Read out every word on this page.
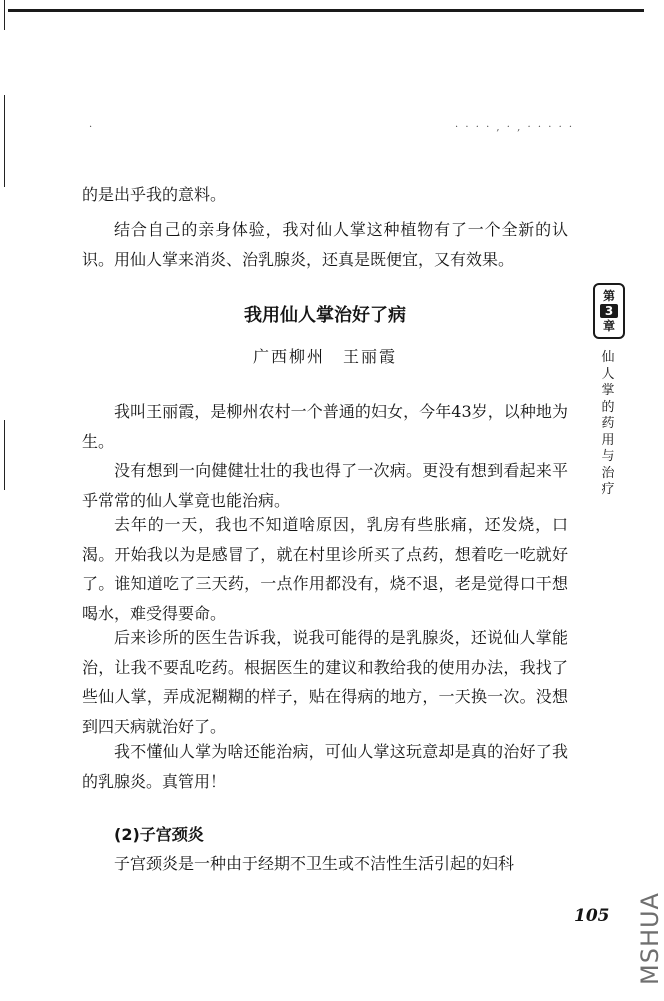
·	· · · · , · , · · · · ·

的是出乎我的意料。

结合自己的亲身体验，我对仙人掌这种植物有了一个全新的认识。用仙人掌来消炎、治乳腺炎，还真是既便宜，又有效果。

我用仙人掌治好了病

广西柳州　王丽霞

我叫王丽霞，是柳州农村一个普通的妇女，今年43岁，以种地为生。

没有想到一向健健壮壮的我也得了一次病。更没有想到看起来平乎常常的仙人掌竟也能治病。

去年的一天，我也不知道啥原因，乳房有些胀痛，还发烧，口渴。开始我以为是感冒了，就在村里诊所买了点药，想着吃一吃就好了。谁知道吃了三天药，一点作用都没有，烧不退，老是觉得口干想喝水，难受得要命。

后来诊所的医生告诉我，说我可能得的是乳腺炎，还说仙人掌能治，让我不要乱吃药。根据医生的建议和教给我的使用办法，我找了些仙人掌，弄成泥糊糊的样子，贴在得病的地方，一天换一次。没想到四天病就治好了。

我不懂仙人掌为啥还能治病，可仙人掌这玩意却是真的治好了我的乳腺炎。真管用！

(2)子宫颈炎

子宫颈炎是一种由于经期不卫生或不洁性生活引起的妇科

第
3
章
仙人掌的药用与治疗
105 MSHUA
